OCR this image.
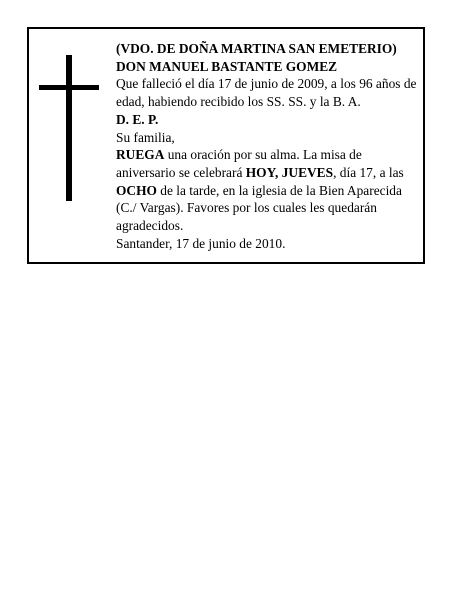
(VDO. DE DOÑA MARTINA SAN EMETERIO)

DON MANUEL BASTANTE GOMEZ

Que falleció el día 17 de junio de 2009, a los 96 años de edad, habiendo recibido los SS. SS. y la B. A.

D. E. P.

Su familia,

RUEGA una oración por su alma. La misa de aniversario se celebrará HOY, JUEVES, día 17, a las OCHO de la tarde, en la iglesia de la Bien Aparecida (C./ Vargas). Favores por los cuales les quedarán agradecidos.

Santander, 17 de junio de 2010.
